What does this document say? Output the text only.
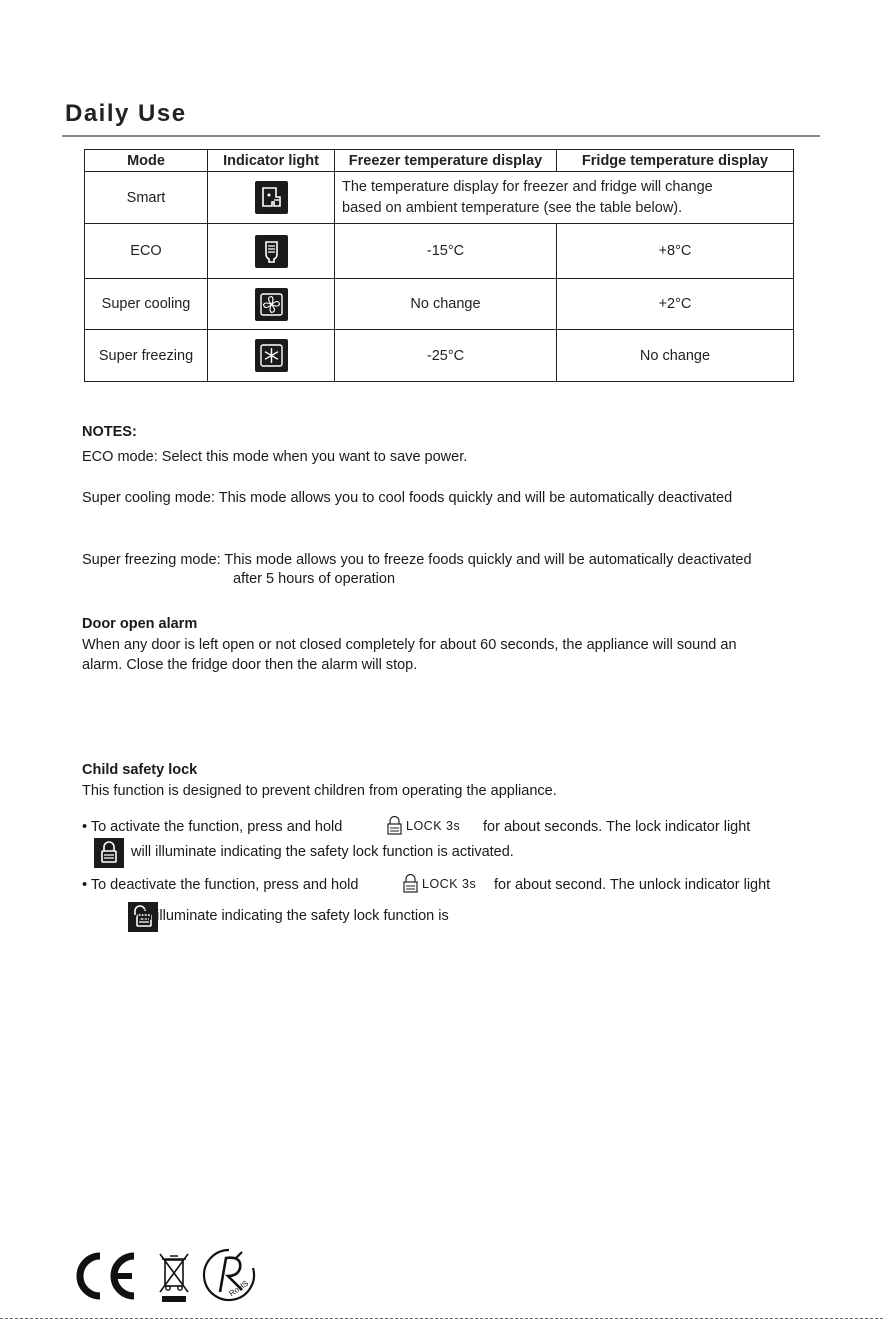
Daily Use
Mode	Indicator light	Freezer temperature display	Fridge temperature display
Smart		The temperature display for freezer and fridge will change
based on ambient temperature (see the table below).	

ECO		-15°C	+8°C
Super cooling		No change	+2°C
Super freezing		-25°C	No change
NOTES:
ECO mode: Select this mode when you want to save power.
Super cooling mode: This mode allows you to cool foods quickly and will be automatically deactivated
Super freezing mode: This mode allows you to freeze foods quickly and will be automatically deactivated
after 5 hours of operation
Door open alarm
When any door is left open or not closed completely for about 60 seconds, the appliance will sound an
alarm. Close the fridge door then the alarm will stop.
Child safety lock
This function is designed to prevent children from operating the appliance.
• To activate the function, press and hold	LOCK 3s for about seconds. The lock indicator light

will illuminate indicating the safety lock function is activated.
• To deactivate the function, press and hold	LOCK 3s for about second. The unlock indicator light
will illuminate indicating the safety lock function is
RoHS
